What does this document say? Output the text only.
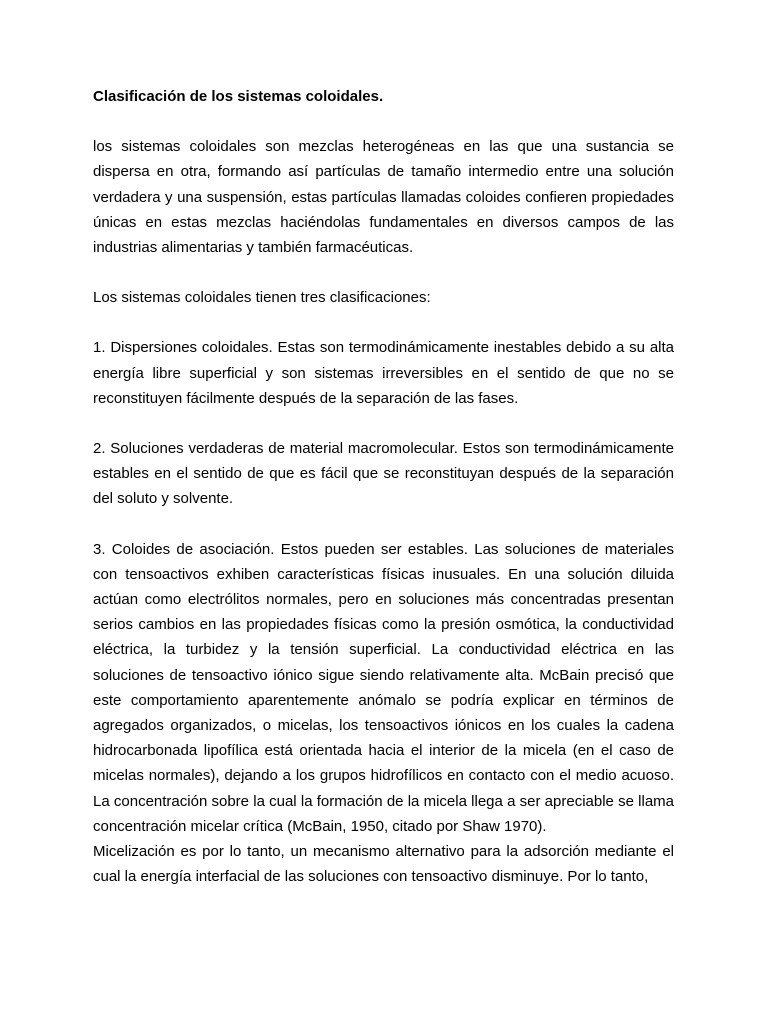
Clasificación de los sistemas coloidales.

los sistemas coloidales son mezclas heterogéneas en las que una sustancia se dispersa en otra, formando así partículas de tamaño intermedio entre una solución verdadera y una suspensión, estas partículas llamadas coloides confieren propiedades únicas en estas mezclas haciéndolas fundamentales en diversos campos de las industrias alimentarias y también farmacéuticas.

Los sistemas coloidales tienen tres clasificaciones:

1. Dispersiones coloidales. Estas son termodinámicamente inestables debido a su alta energía libre superficial y son sistemas irreversibles en el sentido de que no se reconstituyen fácilmente después de la separación de las fases.

2. Soluciones verdaderas de material macromolecular. Estos son termodinámicamente estables en el sentido de que es fácil que se reconstituyan después de la separación del soluto y solvente.

3. Coloides de asociación. Estos pueden ser estables. Las soluciones de materiales con tensoactivos exhiben características físicas inusuales. En una solución diluida actúan como electrólitos normales, pero en soluciones más concentradas presentan serios cambios en las propiedades físicas como la presión osmótica, la conductividad eléctrica, la turbidez y la tensión superficial. La conductividad eléctrica en las soluciones de tensoactivo iónico sigue siendo relativamente alta. McBain precisó que este comportamiento aparentemente anómalo se podría explicar en términos de agregados organizados, o micelas, los tensoactivos iónicos en los cuales la cadena hidrocarbonada lipofílica está orientada hacia el interior de la micela (en el caso de micelas normales), dejando a los grupos hidrofílicos en contacto con el medio acuoso. La concentración sobre la cual la formación de la micela llega a ser apreciable se llama concentración micelar crítica (McBain, 1950, citado por Shaw 1970).

Micelización es por lo tanto, un mecanismo alternativo para la adsorción mediante el cual la energía interfacial de las soluciones con tensoactivo disminuye. Por lo tanto,
